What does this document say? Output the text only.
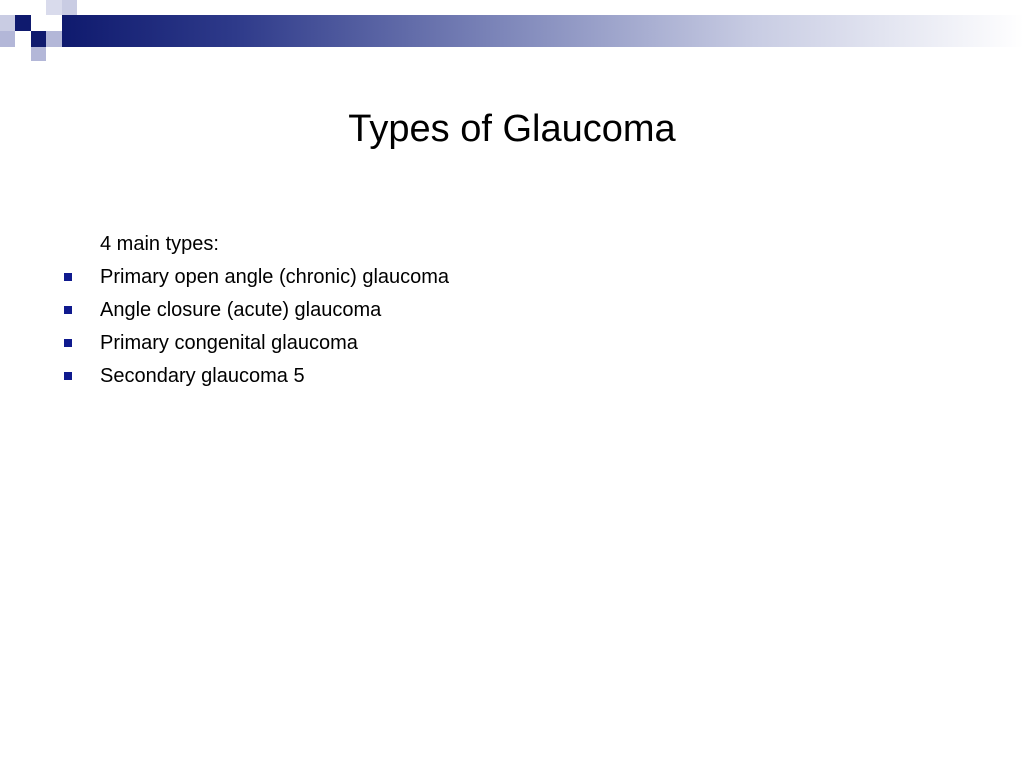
Types of Glaucoma
4 main types:
Primary open angle (chronic) glaucoma
Angle closure (acute) glaucoma
Primary congenital glaucoma
Secondary glaucoma 5
